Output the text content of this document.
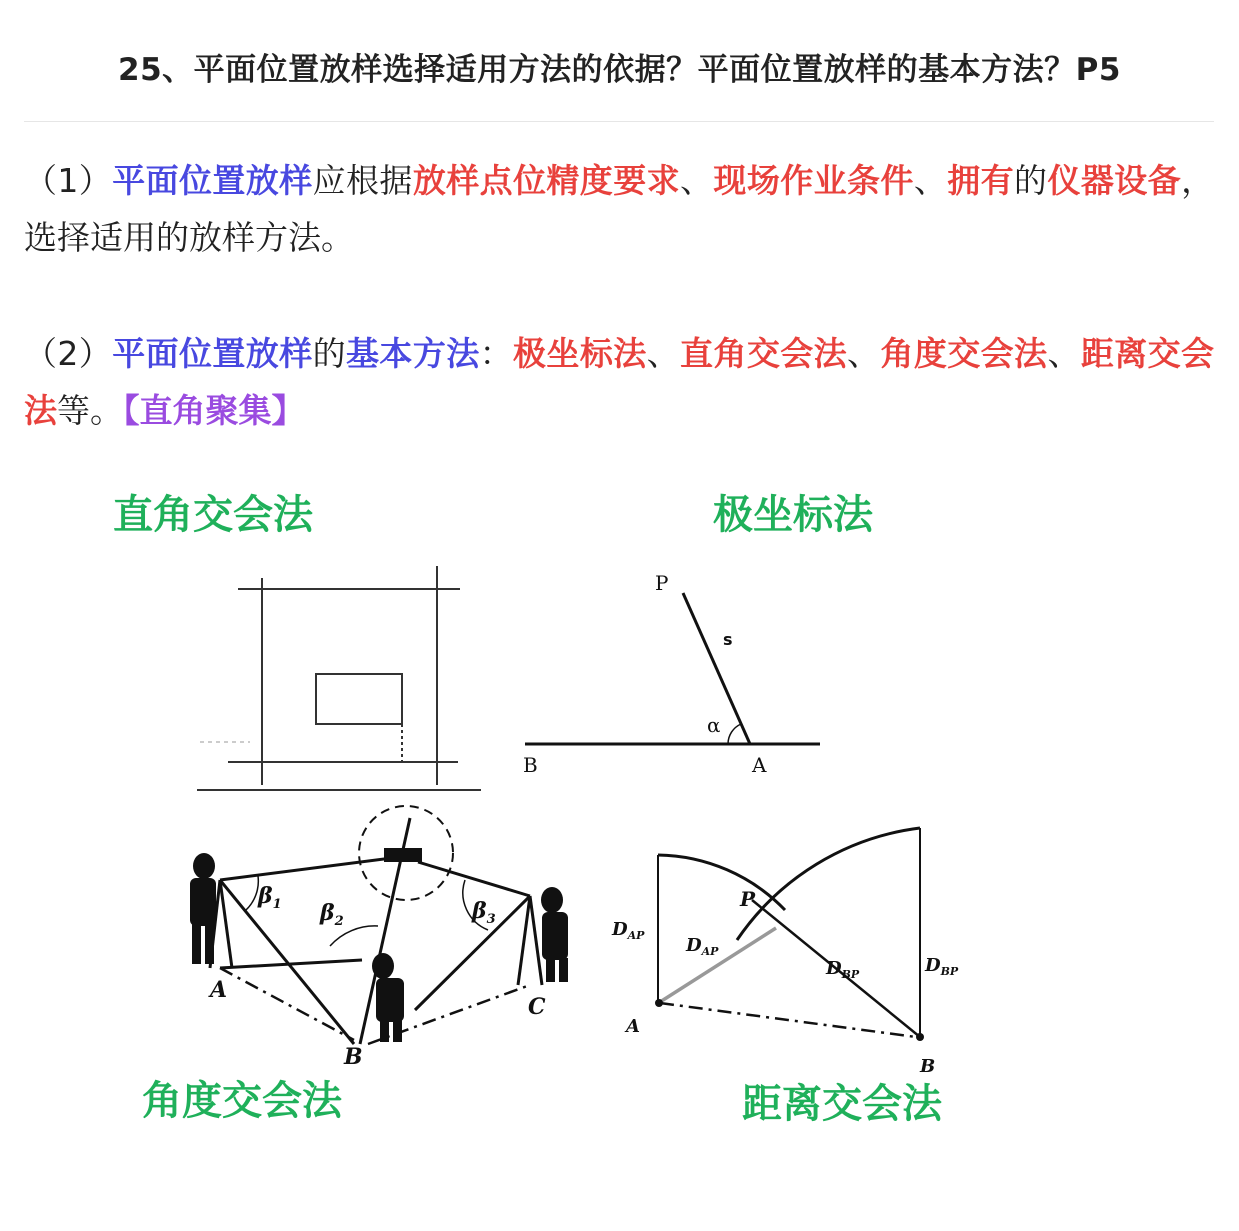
25、平面位置放样选择适用方法的依据？平面位置放样的基本方法？P5
（1）平面位置放样应根据放样点位精度要求、现场作业条件、拥有的仪器设备，选择适用的放样方法。
（2）平面位置放样的基本方法：极坐标法、直角交会法、角度交会法、距离交会法等。【直角聚集】
直角交会法	极坐标法
角度交会法	距离交会法
P
s
α
B	A
A
B
C
$\beta_1$ $\beta_2$	$\beta_3$
P
A
B
$D_{AP}$ $D_{AP}$
$D_{BP}$	$D_{BP}$
